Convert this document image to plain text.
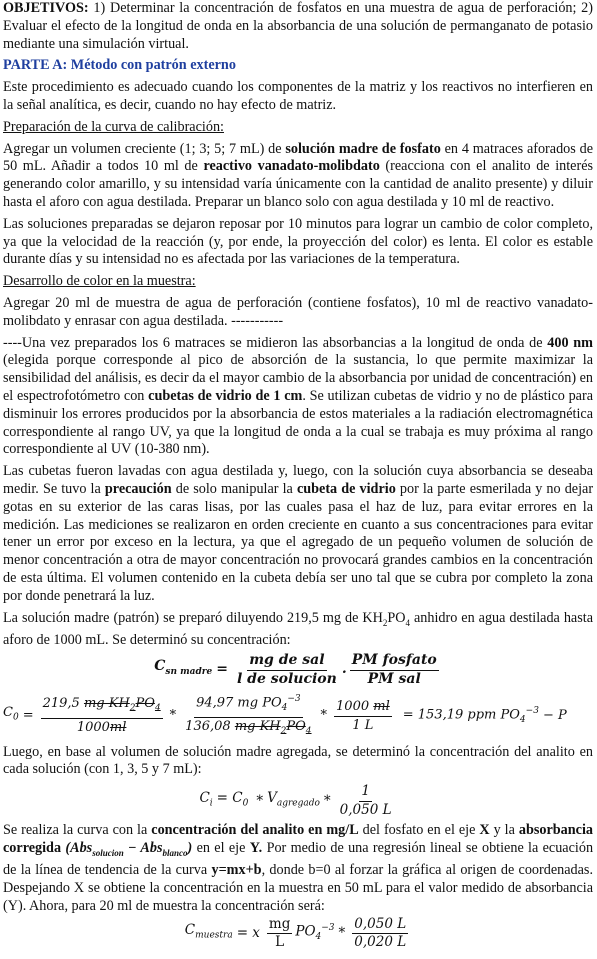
OBJETIVOS: 1) Determinar la concentración de fosfatos en una muestra de agua de perforación; 2) Evaluar el efecto de la longitud de onda en la absorbancia de una solución de permanganato de potasio mediante una simulación virtual.

PARTE A: Método con patrón externo

Este procedimiento es adecuado cuando los componentes de la matriz y los reactivos no interfieren en la señal analítica, es decir, cuando no hay efecto de matriz.

Preparación de la curva de calibración:

Agregar un volumen creciente (1; 3; 5; 7 mL) de solución madre de fosfato en 4 matraces aforados de 50 mL. Añadir a todos 10 ml de reactivo vanadato-molibdato (reacciona con el analito de interés generando color amarillo, y su intensidad varía únicamente con la cantidad de analito presente) y diluir hasta el aforo con agua destilada. Preparar un blanco solo con agua destilada y 10 ml de reactivo.

Las soluciones preparadas se dejaron reposar por 10 minutos para lograr un cambio de color completo, ya que la velocidad de la reacción (y, por ende, la proyección del color) es lenta. El color es estable durante días y su intensidad no es afectada por las variaciones de la temperatura.

Desarrollo de color en la muestra:

Agregar 20 ml de muestra de agua de perforación (contiene fosfatos), 10 ml de reactivo vanadato-molibdato y enrasar con agua destilada. -----------

----Una vez preparados los 6 matraces se midieron las absorbancias a la longitud de onda de 400 nm (elegida porque corresponde al pico de absorción de la sustancia, lo que permite maximizar la sensibilidad del análisis, es decir da el mayor cambio de la absorbancia por unidad de concentración) en el espectrofotómetro con cubetas de vidrio de 1 cm. Se utilizan cubetas de vidrio y no de plástico para disminuir los errores producidos por la absorbancia de estos materiales a la radiación electromagnética correspondiente al rango UV, ya que la longitud de onda a la cual se trabaja es muy próxima al rango correspondiente al UV (10-380 nm).

Las cubetas fueron lavadas con agua destilada y, luego, con la solución cuya absorbancia se deseaba medir. Se tuvo la precaución de solo manipular la cubeta de vidrio por la parte esmerilada y no dejar gotas en su exterior de las caras lisas, por las cuales pasa el haz de luz, para evitar errores en la medición. Las mediciones se realizaron en orden creciente en cuanto a sus concentraciones para evitar tener un error por exceso en la lectura, ya que el agregado de un pequeño volumen de solución de menor concentración a otra de mayor concentración no provocará grandes cambios en la concentración de esta última. El volumen contenido en la cubeta debía ser uno tal que se cubra por completo la zona por donde penetrará la luz.

La solución madre (patrón) se preparó diluyendo 219,5 mg de $KH_2PO_4$ anhidro en agua destilada hasta aforo de 1000 mL. Se determinó su concentración:

$C_{sn madre} = \frac{\text{mg de sal}}{\text{l de solucion}}$ . $\frac{\text{PM fosfato}}{\text{PM sal}}$
$C_0 = \frac{219,5 mg KH_2PO_4}{1000ml} * \frac{94,97 mg PO_4^{-3}}{136,08 mg KH_2PO_4} * \frac{1000 ml}{1 L} = 153,19$ ppm $PO_4^{-3} - P$

Luego, en base al volumen de solución madre agregada, se determinó la concentración del analito en cada solución (con 1, 3, 5 y 7 mL):

$C_i = C_0 * V_{agregado} * \frac{1}{0,050 L}$

Se realiza la curva con la concentración del analito en mg/L del fosfato en el eje X y la absorbancia corregida (Abs$_{solucion}$ − Abs$_{blanco}$) en el eje Y. Por medio de una regresión lineal se obtiene la ecuación de la línea de tendencia de la curva y=mx+b, donde b=0 al forzar la gráfica al origen de coordenadas. Despejando X se obtiene la concentración en la muestra en 50 mL para el valor medido de absorbancia (Y). Ahora, para 20 ml de muestra la concentración será:

$C_{muestra} = x \frac{mg}{L} PO_4^{-3} * \frac{0,050 L}{0,020 L}$
